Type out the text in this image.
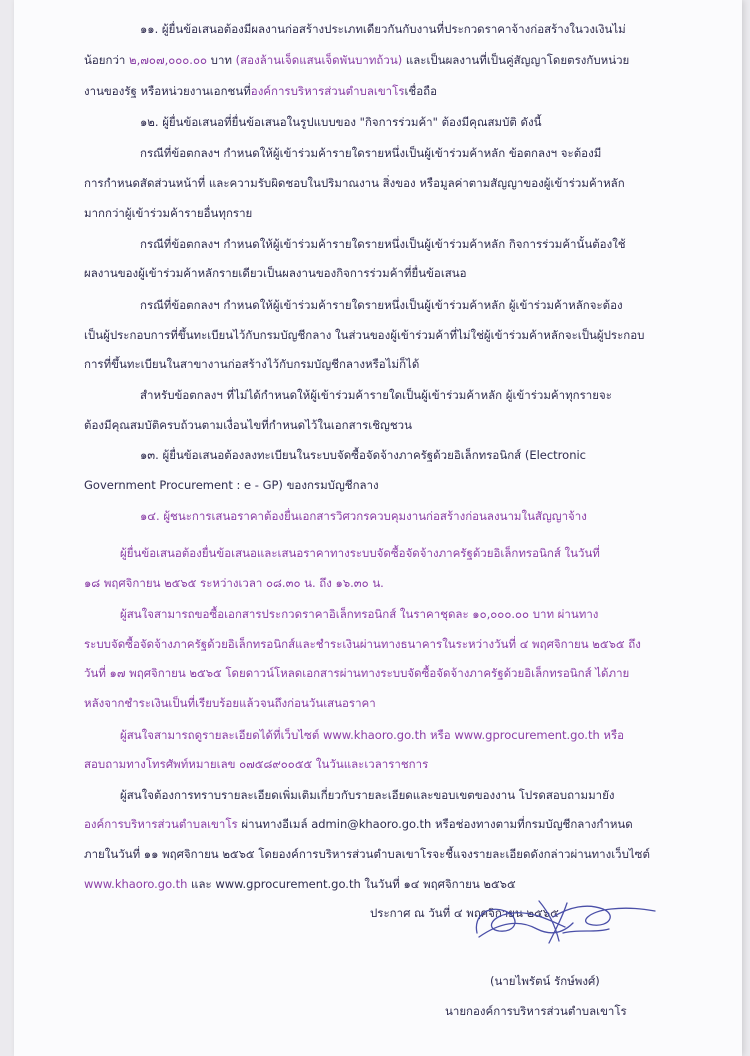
๑๑. ผู้ยื่นข้อเสนอต้องมีผลงานก่อสร้างประเภทเดียวกันกับงานที่ประกวดราคาจ้างก่อสร้างในวงเงินไม่
น้อยกว่า ๒,๗๐๗,๐๐๐.๐๐ บาท (สองล้านเจ็ดแสนเจ็ดพันบาทถ้วน) และเป็นผลงานที่เป็นคู่สัญญาโดยตรงกับหน่วย
งานของรัฐ หรือหน่วยงานเอกชนที่องค์การบริหารส่วนตำบลเขาโรเชื่อถือ
๑๒. ผู้ยื่นข้อเสนอที่ยื่นข้อเสนอในรูปแบบของ "กิจการร่วมค้า" ต้องมีคุณสมบัติ ดังนี้
กรณีที่ข้อตกลงฯ กำหนดให้ผู้เข้าร่วมค้ารายใดรายหนึ่งเป็นผู้เข้าร่วมค้าหลัก ข้อตกลงฯ จะต้องมี
การกำหนดสัดส่วนหน้าที่ และความรับผิดชอบในปริมาณงาน สิ่งของ หรือมูลค่าตามสัญญาของผู้เข้าร่วมค้าหลัก
มากกว่าผู้เข้าร่วมค้ารายอื่นทุกราย
กรณีที่ข้อตกลงฯ กำหนดให้ผู้เข้าร่วมค้ารายใดรายหนึ่งเป็นผู้เข้าร่วมค้าหลัก กิจการร่วมค้านั้นต้องใช้
ผลงานของผู้เข้าร่วมค้าหลักรายเดียวเป็นผลงานของกิจการร่วมค้าที่ยื่นข้อเสนอ
กรณีที่ข้อตกลงฯ กำหนดให้ผู้เข้าร่วมค้ารายใดรายหนึ่งเป็นผู้เข้าร่วมค้าหลัก ผู้เข้าร่วมค้าหลักจะต้อง
เป็นผู้ประกอบการที่ขึ้นทะเบียนไว้กับกรมบัญชีกลาง ในส่วนของผู้เข้าร่วมค้าที่ไม่ใช่ผู้เข้าร่วมค้าหลักจะเป็นผู้ประกอบ
การที่ขึ้นทะเบียนในสาขางานก่อสร้างไว้กับกรมบัญชีกลางหรือไม่ก็ได้
สำหรับข้อตกลงฯ ที่ไม่ได้กำหนดให้ผู้เข้าร่วมค้ารายใดเป็นผู้เข้าร่วมค้าหลัก ผู้เข้าร่วมค้าทุกรายจะ
ต้องมีคุณสมบัติครบถ้วนตามเงื่อนไขที่กำหนดไว้ในเอกสารเชิญชวน
๑๓. ผู้ยื่นข้อเสนอต้องลงทะเบียนในระบบจัดซื้อจัดจ้างภาครัฐด้วยอิเล็กทรอนิกส์ (Electronic
Government Procurement : e - GP) ของกรมบัญชีกลาง
๑๔. ผู้ชนะการเสนอราคาต้องยื่นเอกสารวิศวกรควบคุมงานก่อสร้างก่อนลงนามในสัญญาจ้าง
ผู้ยื่นข้อเสนอต้องยื่นข้อเสนอและเสนอราคาทางระบบจัดซื้อจัดจ้างภาครัฐด้วยอิเล็กทรอนิกส์ ในวันที่
๑๘ พฤศจิกายน ๒๕๖๕ ระหว่างเวลา ๐๘.๓๐ น. ถึง ๑๖.๓๐ น.
ผู้สนใจสามารถขอซื้อเอกสารประกวดราคาอิเล็กทรอนิกส์ ในราคาชุดละ ๑๐,๐๐๐.๐๐ บาท ผ่านทาง
ระบบจัดซื้อจัดจ้างภาครัฐด้วยอิเล็กทรอนิกส์และชำระเงินผ่านทางธนาคารในระหว่างวันที่ ๔ พฤศจิกายน ๒๕๖๕ ถึง
วันที่ ๑๗ พฤศจิกายน ๒๕๖๕ โดยดาวน์โหลดเอกสารผ่านทางระบบจัดซื้อจัดจ้างภาครัฐด้วยอิเล็กทรอนิกส์ ได้ภาย
หลังจากชำระเงินเป็นที่เรียบร้อยแล้วจนถึงก่อนวันเสนอราคา
ผู้สนใจสามารถดูรายละเอียดได้ที่เว็บไซต์ www.khaoro.go.th หรือ www.gprocurement.go.th หรือ
สอบถามทางโทรศัพท์หมายเลข ๐๗๕๘๙๐๐๕๕ ในวันและเวลาราชการ
ผู้สนใจต้องการทราบรายละเอียดเพิ่มเติมเกี่ยวกับรายละเอียดและขอบเขตของงาน โปรดสอบถามมายัง
องค์การบริหารส่วนตำบลเขาโร ผ่านทางอีเมล์ admin@khaoro.go.th หรือช่องทางตามที่กรมบัญชีกลางกำหนด
ภายในวันที่ ๑๑ พฤศจิกายน ๒๕๖๕ โดยองค์การบริหารส่วนตำบลเขาโรจะชี้แจงรายละเอียดดังกล่าวผ่านทางเว็บไซต์
www.khaoro.go.th และ www.gprocurement.go.th ในวันที่ ๑๔ พฤศจิกายน ๒๕๖๕
ประกาศ ณ วันที่ ๔ พฤศจิกายน ๒๕๖๕
(นายไพรัตน์ รักษ์พงศ์)
นายกองค์การบริหารส่วนตำบลเขาโร
